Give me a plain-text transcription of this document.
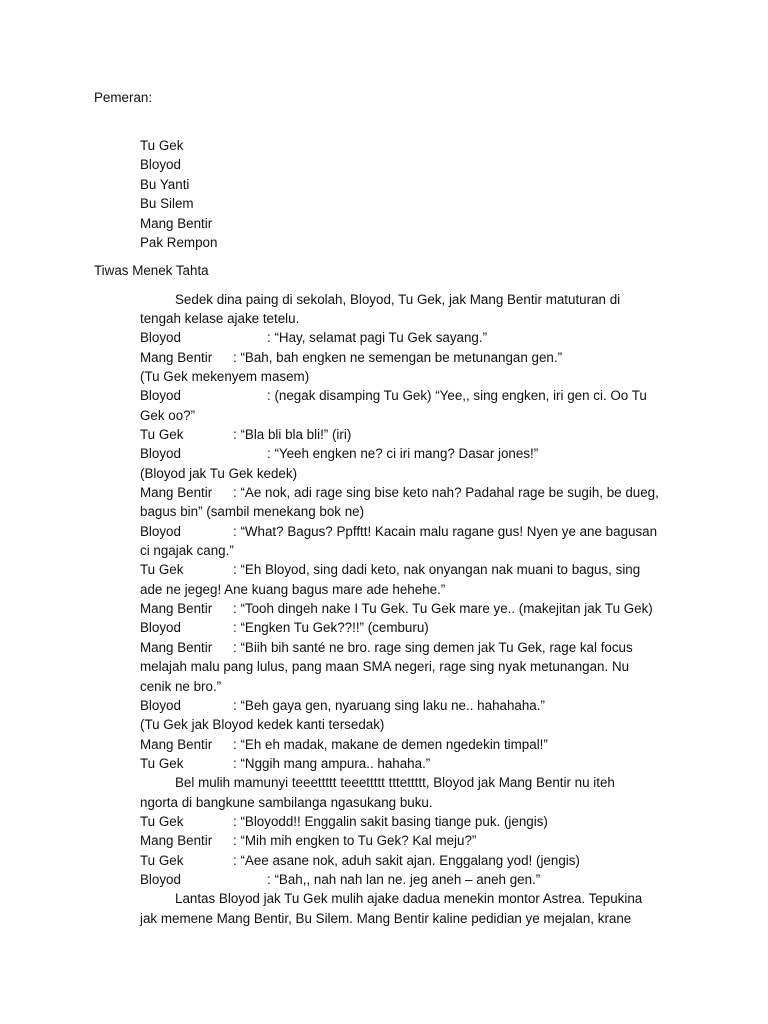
Pemeran:
Tu Gek
Bloyod
Bu Yanti
Bu Silem
Mang Bentir
Pak Rempon
Tiwas Menek Tahta
Sedek dina paing di sekolah, Bloyod, Tu Gek, jak Mang Bentir matuturan di
tengah kelase ajake tetelu.
Bloyod	: “Hay, selamat pagi Tu Gek sayang.”
Mang Bentir : “Bah, bah engken ne semengan be metunangan gen.”
(Tu Gek mekenyem masem)
Bloyod	: (negak disamping Tu Gek) “Yee,, sing engken, iri gen ci. Oo Tu
Gek oo?”
Tu Gek	: “Bla bli bla bli!” (iri)
Bloyod	: “Yeeh engken ne? ci iri mang? Dasar jones!”
(Bloyod jak Tu Gek kedek)
Mang Bentir : “Ae nok, adi rage sing bise keto nah? Padahal rage be sugih, be dueg,
bagus bin” (sambil menekang bok ne)
Bloyod	: “What? Bagus? Ppfftt! Kacain malu ragane gus! Nyen ye ane bagusan
ci ngajak cang.”
Tu Gek	: “Eh Bloyod, sing dadi keto, nak onyangan nak muani to bagus, sing
ade ne jegeg! Ane kuang bagus mare ade hehehe.”
Mang Bentir : “Tooh dingeh nake I Tu Gek. Tu Gek mare ye.. (makejitan jak Tu Gek)
Bloyod	: “Engken Tu Gek??!!” (cemburu)
Mang Bentir : “Biih bih santé ne bro. rage sing demen jak Tu Gek, rage kal focus
melajah malu pang lulus, pang maan SMA negeri, rage sing nyak metunangan. Nu
cenik ne bro.”
Bloyod	: “Beh gaya gen, nyaruang sing laku ne.. hahahaha.”
(Tu Gek jak Bloyod kedek kanti tersedak)
Mang Bentir : “Eh eh madak, makane de demen ngedekin timpal!”
Tu Gek	: “Nggih mang ampura.. hahaha.”
Bel mulih mamunyi teeettttt teeettttt tttettttt, Bloyod jak Mang Bentir nu iteh
ngorta di bangkune sambilanga ngasukang buku.
Tu Gek	: “Bloyodd!! Enggalin sakit basing tiange puk. (jengis)
Mang Bentir : “Mih mih engken to Tu Gek? Kal meju?”
Tu Gek	: “Aee asane nok, aduh sakit ajan. Enggalang yod! (jengis)
Bloyod	: “Bah,, nah nah lan ne. jeg aneh – aneh gen.”
Lantas Bloyod jak Tu Gek mulih ajake dadua menekin montor Astrea. Tepukina
jak memene Mang Bentir, Bu Silem. Mang Bentir kaline pedidian ye mejalan, krane
